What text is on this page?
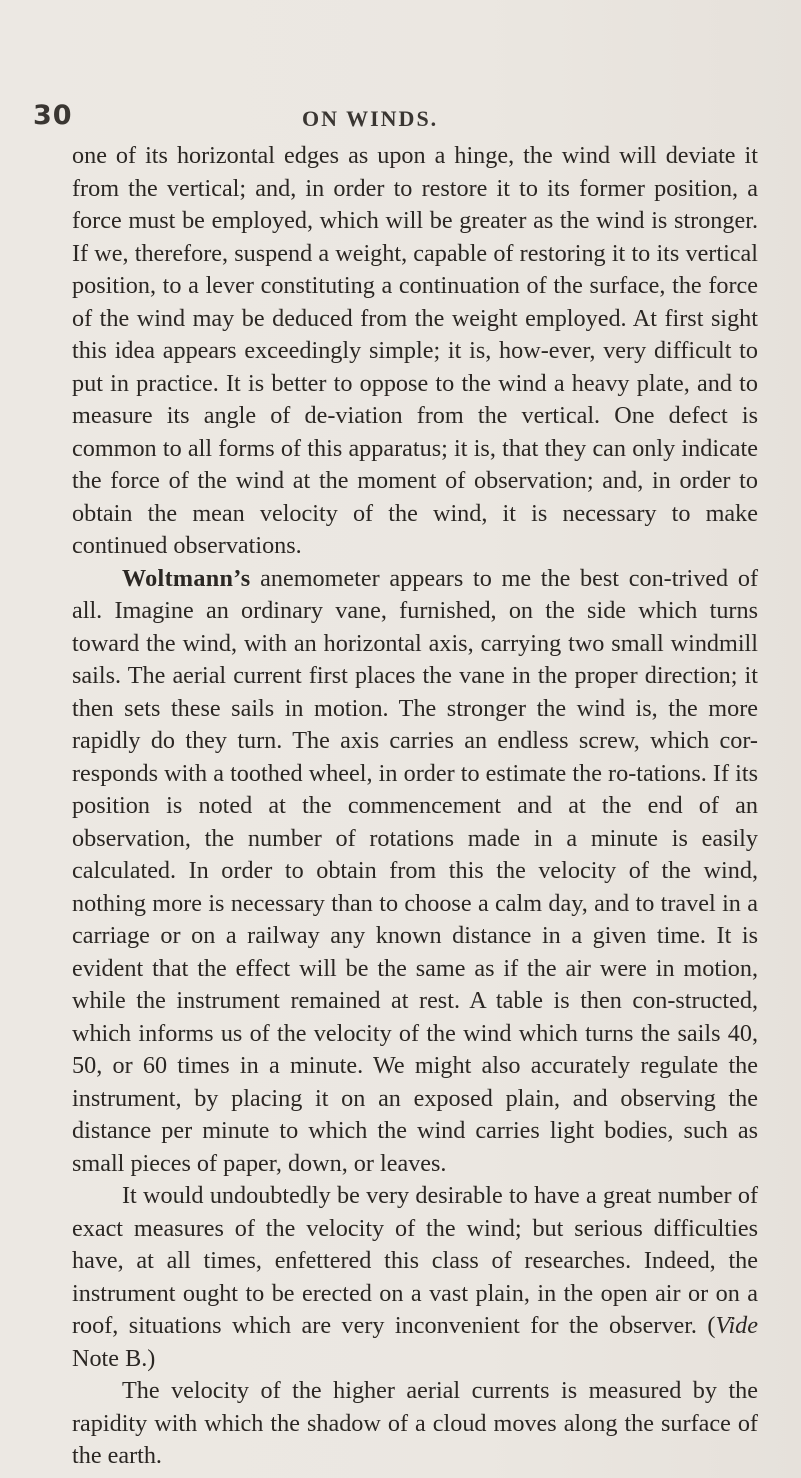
30	ON WINDS.

one of its horizontal edges as upon a hinge, the wind will deviate it from the vertical; and, in order to restore it to its former position, a force must be employed, which will be greater as the wind is stronger. If we, therefore, suspend a weight, capable of restoring it to its vertical position, to a lever constituting a continuation of the surface, the force of the wind may be deduced from the weight employed. At first sight this idea appears exceedingly simple; it is, how-ever, very difficult to put in practice. It is better to oppose to the wind a heavy plate, and to measure its angle of de-viation from the vertical. One defect is common to all forms of this apparatus; it is, that they can only indicate the force of the wind at the moment of observation; and, in order to obtain the mean velocity of the wind, it is necessary to make continued observations.

Woltmann’s anemometer appears to me the best con-trived of all. Imagine an ordinary vane, furnished, on the side which turns toward the wind, with an horizontal axis, carrying two small windmill sails. The aerial current first places the vane in the proper direction; it then sets these sails in motion. The stronger the wind is, the more rapidly do they turn. The axis carries an endless screw, which cor-responds with a toothed wheel, in order to estimate the ro-tations. If its position is noted at the commencement and at the end of an observation, the number of rotations made in a minute is easily calculated. In order to obtain from this the velocity of the wind, nothing more is necessary than to choose a calm day, and to travel in a carriage or on a railway any known distance in a given time. It is evident that the effect will be the same as if the air were in motion, while the instrument remained at rest. A table is then con-structed, which informs us of the velocity of the wind which turns the sails 40, 50, or 60 times in a minute. We might also accurately regulate the instrument, by placing it on an exposed plain, and observing the distance per minute to which the wind carries light bodies, such as small pieces of paper, down, or leaves.

It would undoubtedly be very desirable to have a great number of exact measures of the velocity of the wind; but serious difficulties have, at all times, enfettered this class of researches. Indeed, the instrument ought to be erected on a vast plain, in the open air or on a roof, situations which are very inconvenient for the observer. (Vide Note B.)

The velocity of the higher aerial currents is measured by the rapidity with which the shadow of a cloud moves along the surface of the earth.
